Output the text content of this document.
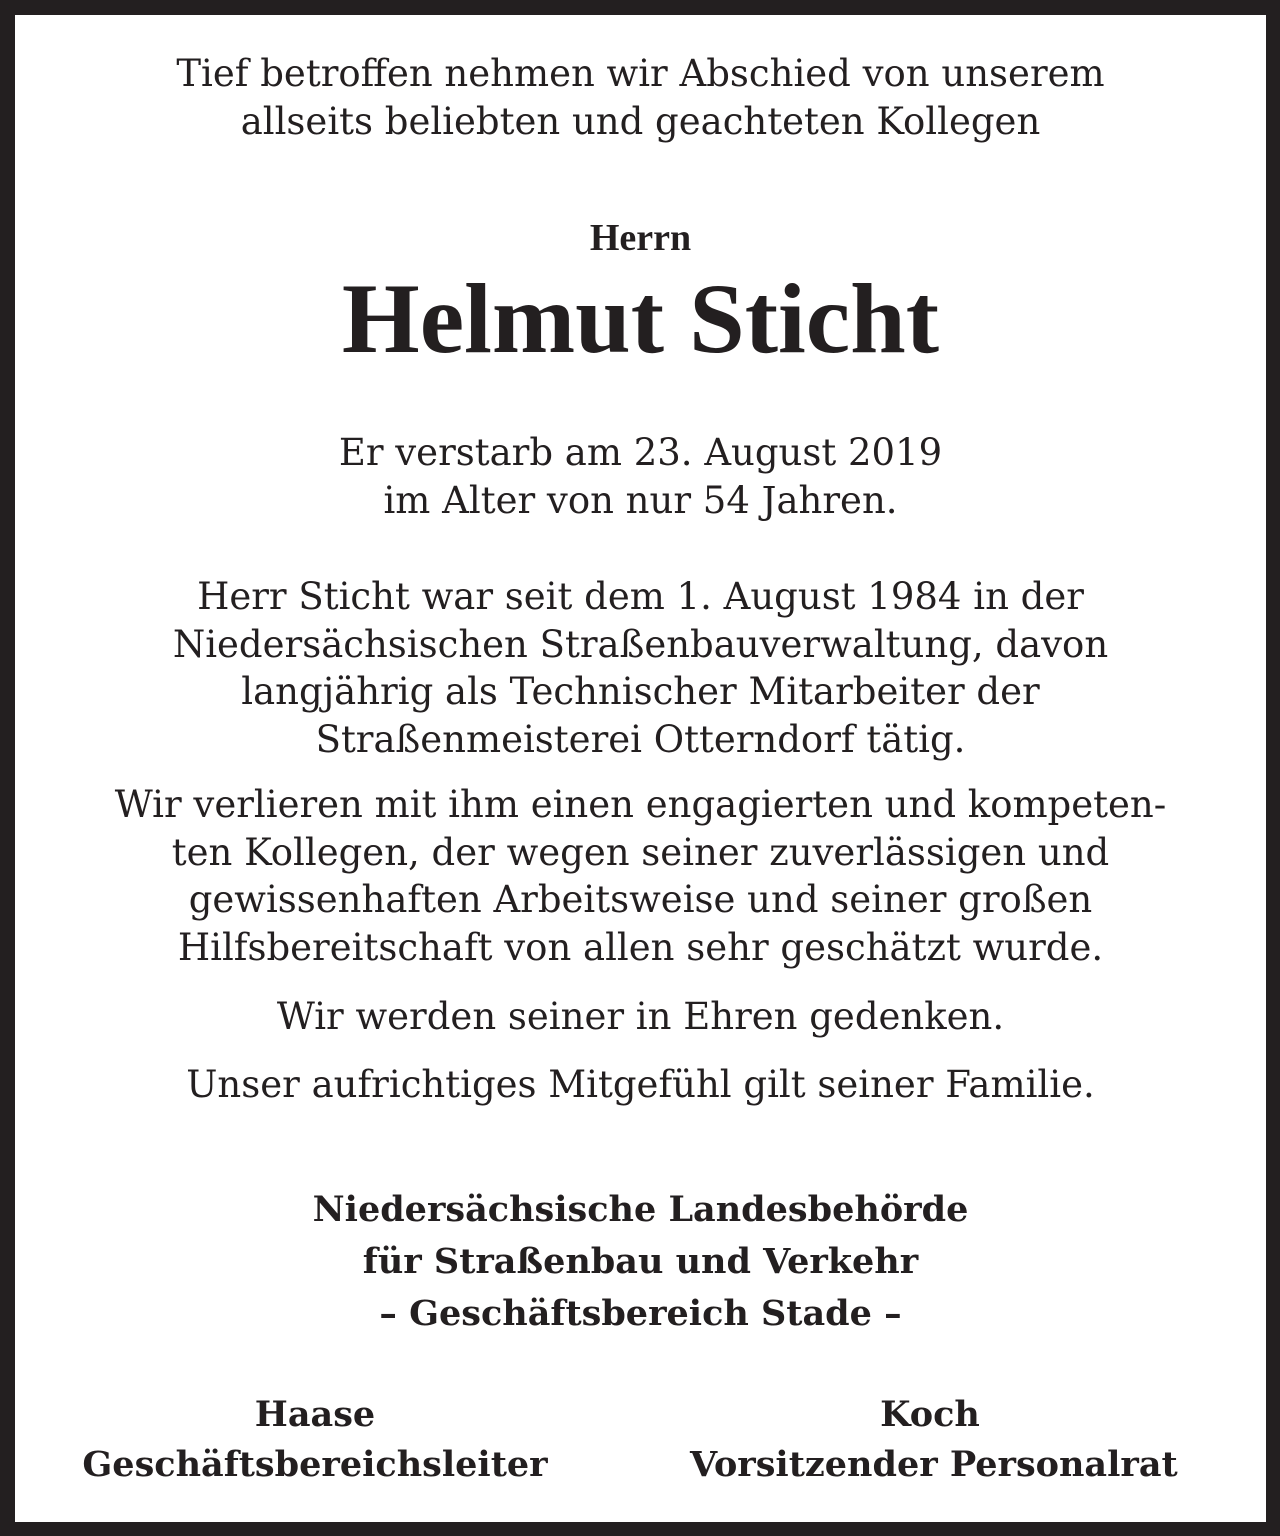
Tief betroffen nehmen wir Abschied von unserem
allseits beliebten und geachteten Kollegen
Herrn
Helmut Sticht
Er verstarb am 23. August 2019
im Alter von nur 54 Jahren.
Herr Sticht war seit dem 1. August 1984 in der
Niedersächsischen Straßenbauverwaltung, davon
langjährig als Technischer Mitarbeiter der
Straßenmeisterei Otterndorf tätig.
Wir verlieren mit ihm einen engagierten und kompeten-
ten Kollegen, der wegen seiner zuverlässigen und
gewissenhaften Arbeitsweise und seiner großen
Hilfsbereitschaft von allen sehr geschätzt wurde.
Wir werden seiner in Ehren gedenken.
Unser aufrichtiges Mitgefühl gilt seiner Familie.
Niedersächsische Landesbehörde
für Straßenbau und Verkehr
– Geschäftsbereich Stade –
Haase
Geschäftsbereichsleiter
Koch
Vorsitzender Personalrat
